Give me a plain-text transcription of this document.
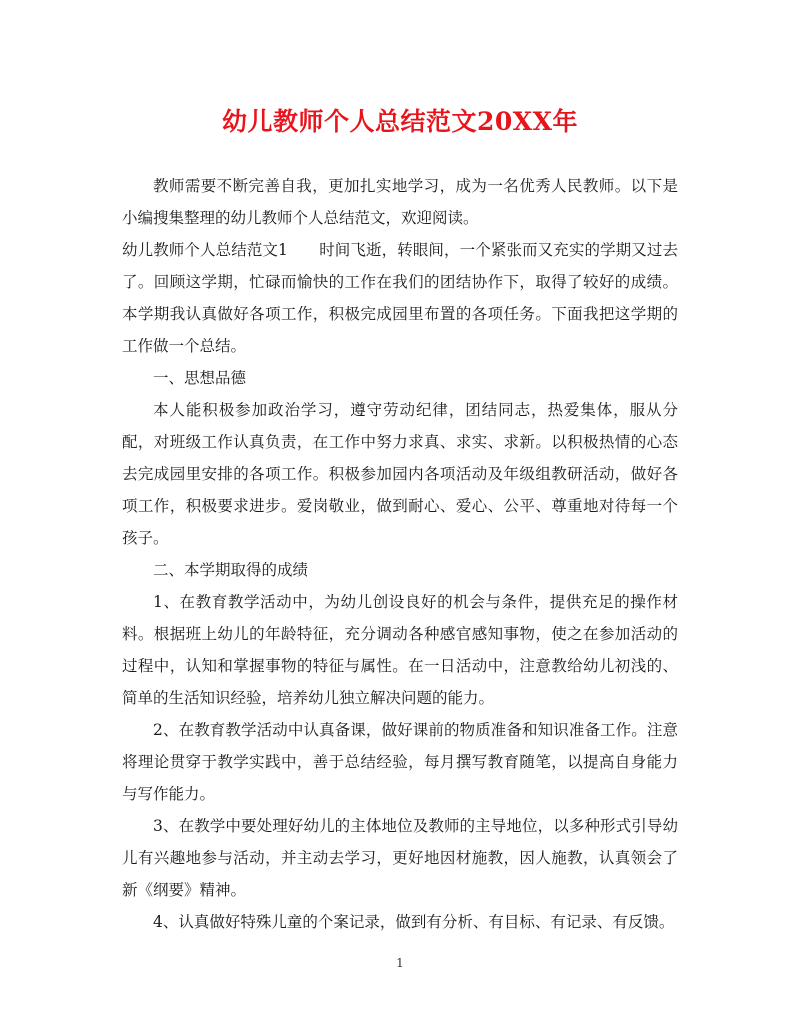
幼儿教师个人总结范文20XX年

教师需要不断完善自我，更加扎实地学习，成为一名优秀人民教师。以下是小编搜集整理的幼儿教师个人总结范文，欢迎阅读。

幼儿教师个人总结范文1　　时间飞逝，转眼间，一个紧张而又充实的学期又过去了。回顾这学期，忙碌而愉快的工作在我们的团结协作下，取得了较好的成绩。本学期我认真做好各项工作，积极完成园里布置的各项任务。下面我把这学期的工作做一个总结。

一、思想品德

本人能积极参加政治学习，遵守劳动纪律，团结同志，热爱集体，服从分配，对班级工作认真负责，在工作中努力求真、求实、求新。以积极热情的心态去完成园里安排的各项工作。积极参加园内各项活动及年级组教研活动，做好各项工作，积极要求进步。爱岗敬业，做到耐心、爱心、公平、尊重地对待每一个孩子。

二、本学期取得的成绩

1、在教育教学活动中，为幼儿创设良好的机会与条件，提供充足的操作材料。根据班上幼儿的年龄特征，充分调动各种感官感知事物，使之在参加活动的过程中，认知和掌握事物的特征与属性。在一日活动中，注意教给幼儿初浅的、简单的生活知识经验，培养幼儿独立解决问题的能力。

2、在教育教学活动中认真备课，做好课前的物质准备和知识准备工作。注意将理论贯穿于教学实践中，善于总结经验，每月撰写教育随笔，以提高自身能力与写作能力。

3、在教学中要处理好幼儿的主体地位及教师的主导地位，以多种形式引导幼儿有兴趣地参与活动，并主动去学习，更好地因材施教，因人施教，认真领会了新《纲要》精神。

4、认真做好特殊儿童的个案记录，做到有分析、有目标、有记录、有反馈。

1
